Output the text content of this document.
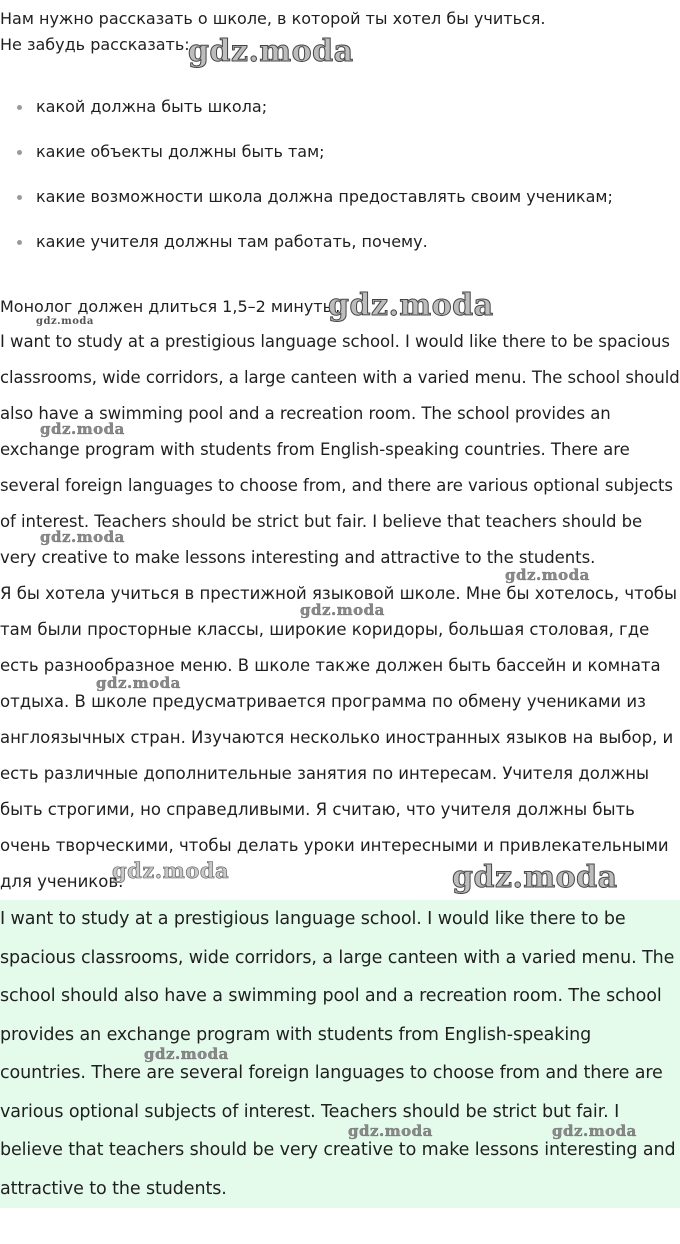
Нам нужно рассказать о школе, в которой ты хотел бы учиться.

Не забудь рассказать:

какой должна быть школа;
какие объекты должны быть там;
какие возможности школа должна предоставлять своим ученикам;
какие учителя должны там работать, почему.

Монолог должен длиться 1,5–2 минуты.

I want to study at a prestigious language school. I would like there to be spacious classrooms, wide corridors, a large canteen with a varied menu. The school should also have a swimming pool and a recreation room. The school provides an exchange program with students from English-speaking countries. There are several foreign languages to choose from, and there are various optional subjects of interest. Teachers should be strict but fair. I believe that teachers should be very creative to make lessons interesting and attractive to the students.

Я бы хотела учиться в престижной языковой школе. Мне бы хотелось, чтобы там были просторные классы, широкие коридоры, большая столовая, где есть разнообразное меню. В школе также должен быть бассейн и комната отдыха. В школе предусматривается программа по обмену учениками из англоязычных стран. Изучаются несколько иностранных языков на выбор, и есть различные дополнительные занятия по интересам. Учителя должны быть строгими, но справедливыми. Я считаю, что учителя должны быть очень творческими, чтобы делать уроки интересными и привлекательными для учеников.

I want to study at a prestigious language school. I would like there to be spacious classrooms, wide corridors, a large canteen with a varied menu. The school should also have a swimming pool and a recreation room. The school provides an exchange program with students from English-speaking countries. There are several foreign languages to choose from and there are various optional subjects of interest. Teachers should be strict but fair. I believe that teachers should be very creative to make lessons interesting and attractive to the students.

gdz.moda
gdz.moda
gdz.moda
gdz.moda
gdz.moda
gdz.moda
gdz.moda
gdz.moda
gdz.moda	gdz.moda
gdz.moda
gdz.moda	gdz.moda
